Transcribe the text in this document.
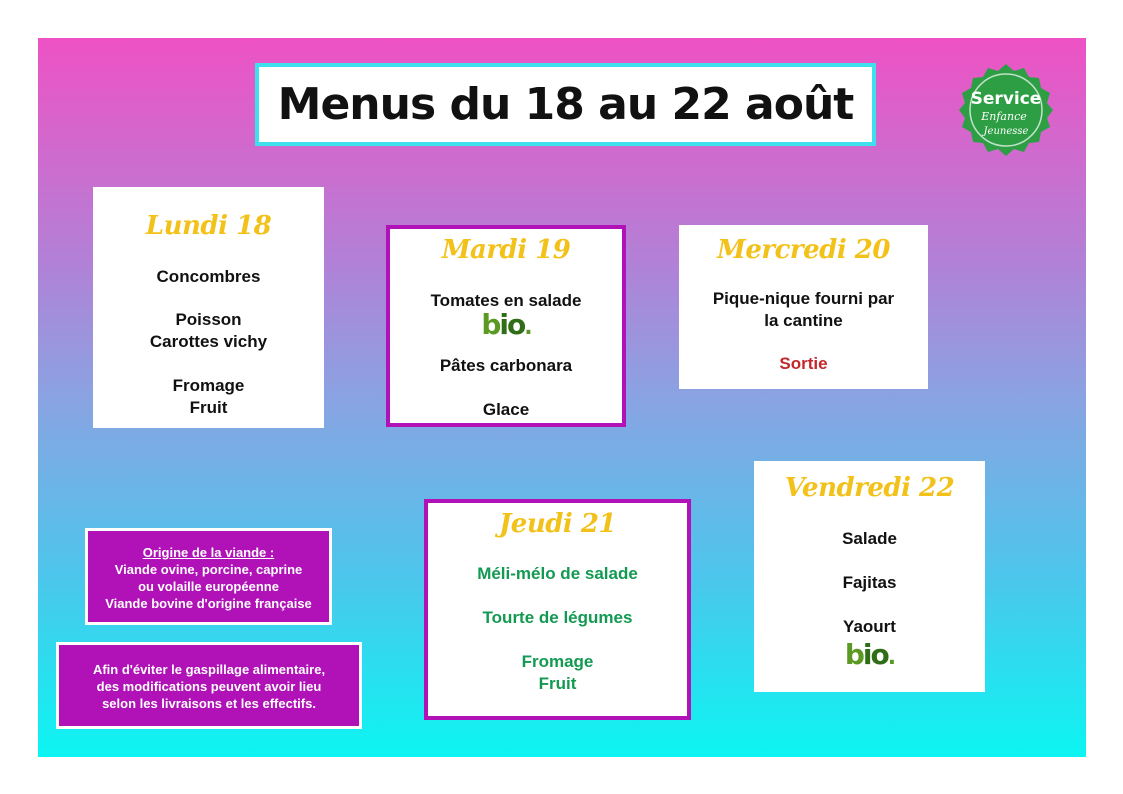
Menus du 18 au 22 août	Service
Enfance
Jeunesse
Lundi 18
Concombres
Poisson
Carottes vichy
Fromage
Fruit
Mardi 19
Tomates en salade
bio.
Pâtes carbonara
Glace
Mercredi 20
Pique-nique fourni par
la cantine
Sortie
Jeudi 21
Méli-mélo de salade
Tourte de légumes
Fromage
Fruit
Vendredi 22
Salade
Fajitas
Yaourt
bio.
Origine de la viande :
Viande ovine, porcine, caprine
ou volaille européenne
Viande bovine d'origine française
Afin d'éviter le gaspillage alimentaire,
des modifications peuvent avoir lieu
selon les livraisons et les effectifs.
